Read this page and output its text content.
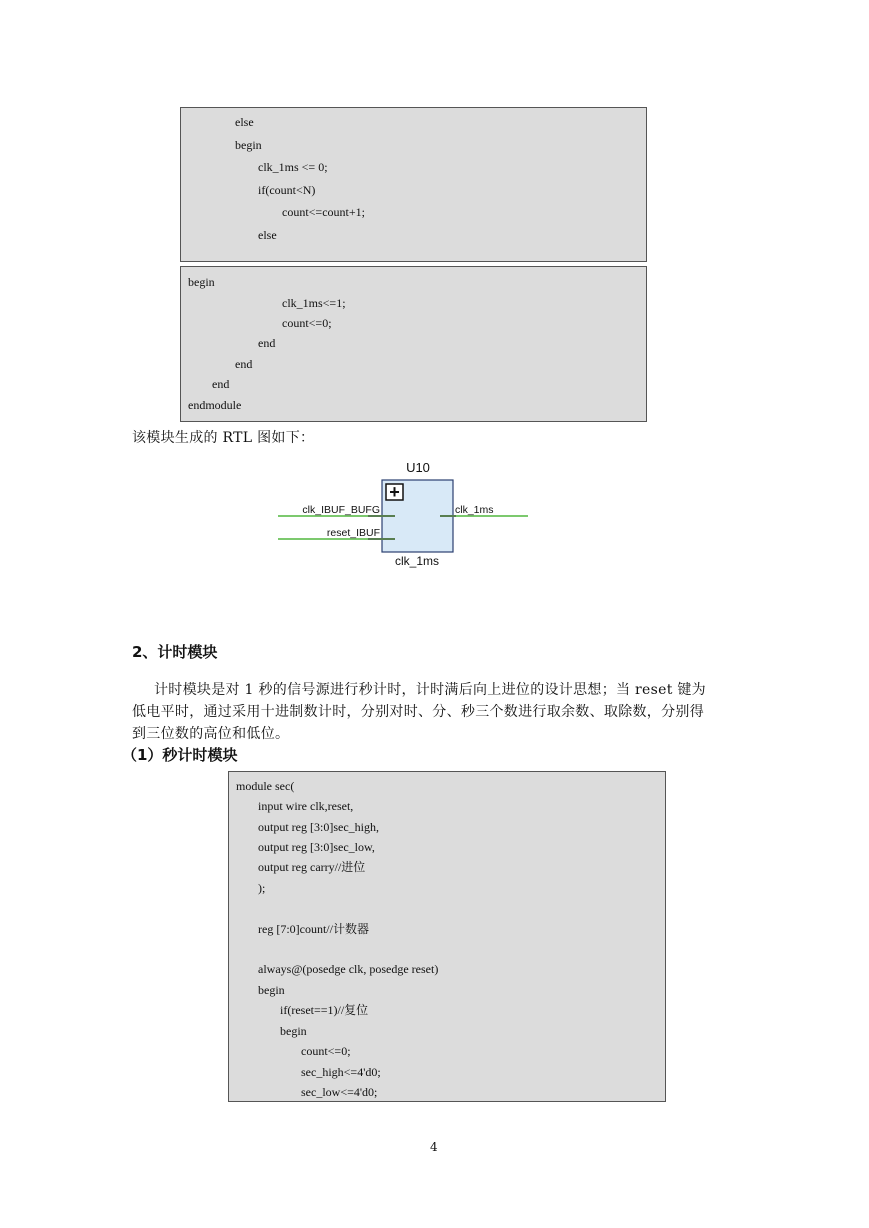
else
begin
clk_1ms <= 0;
if(count<N)
count<=count+1;
else
begin
clk_1ms<=1;
count<=0;
end
end
end
endmodule
该模块生成的 RTL 图如下：
U10
+
clk_IBUF_BUFG
reset_IBUF
clk_1ms
clk_1ms
2、计时模块
计时模块是对 1 秒的信号源进行秒计时，计时满后向上进位的设计思想；当 reset 键为
低电平时，通过采用十进制数计时，分别对时、分、秒三个数进行取余数、取除数，分别得
到三位数的高位和低位。
（1）秒计时模块
module sec(
input wire clk,reset,
output reg [3:0]sec_high,
output reg [3:0]sec_low,
output reg carry//进位
);
reg [7:0]count//计数器
always@(posedge clk, posedge reset)
begin
if(reset==1)//复位
begin
count<=0;
sec_high<=4'd0;
sec_low<=4'd0;
4
